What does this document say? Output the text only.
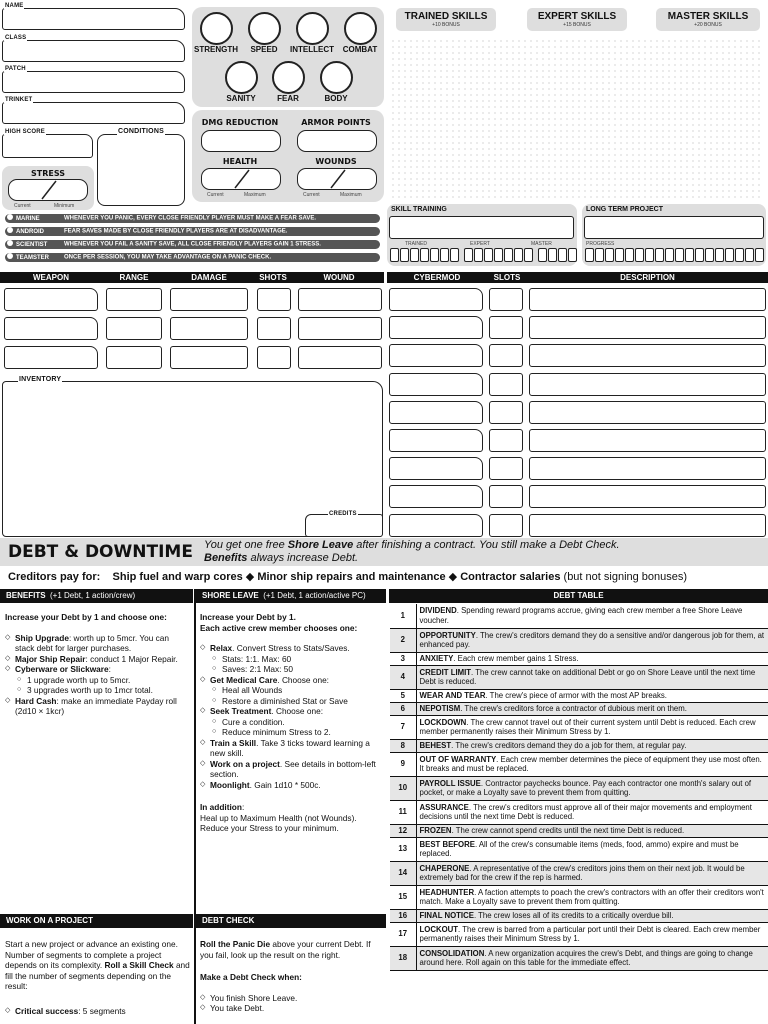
NAME
CLASS
PATCH
TRINKET
HIGH SCORE	CONDITIONS
STRESS
Current	Minimum
STRENGTH	SPEED	INTELLECT	COMBAT
SANITY	FEAR	BODY
DMG REDUCTION	ARMOR POINTS
HEALTH	WOUNDS
Current	Maximum	Current	Maximum
TRAINED SKILLS
+10 BONUS
EXPERT SKILLS
+15 BONUS
MASTER SKILLS
+20 BONUS
MARINE	WHENEVER YOU PANIC, EVERY CLOSE FRIENDLY PLAYER MUST MAKE A FEAR SAVE.
ANDROID	FEAR SAVES MADE BY CLOSE FRIENDLY PLAYERS ARE AT DISADVANTAGE.
SCIENTIST	WHENEVER YOU FAIL A SANITY SAVE, ALL CLOSE FRIENDLY PLAYERS GAIN 1 STRESS.
TEAMSTER	ONCE PER SESSION, YOU MAY TAKE ADVANTAGE ON A PANIC CHECK.
SKILL TRAINING
TRAINED	EXPERT	MASTER
LONG TERM PROJECT
PROGRESS
WEAPON	RANGE	DAMAGE	SHOTS	WOUND	CYBERMOD	SLOTS	DESCRIPTION
INVENTORY
CREDITS
DEBT & DOWNTIME You get one free Shore Leave after finishing a contract. You still make a Debt Check.
Benefits always increase Debt.
Creditors pay for: Ship fuel and warp cores ◆ Minor ship repairs and maintenance ◆ Contractor salaries (but not signing bonuses)
BENEFITS (+1 Debt, 1 action/crew)	SHORE LEAVE (+1 Debt, 1 action/active PC)	DEBT TABLE
Increase your Debt by 1 and choose one:
◇ Ship Upgrade: worth up to 5mcr. You can stack debt for larger purchases.
◇ Major Ship Repair: conduct 1 Major Repair.
◇ Cyberware or Slickware:
○ 1 upgrade worth up to 5mcr.
○ 3 upgrades worth up to 1mcr total.
◇ Hard Cash: make an immediate Payday roll (2d10 × 1kcr)
Increase your Debt by 1.
Each active crew member chooses one:
◇ Relax. Convert Stress to Stats/Saves.
○ Stats: 1:1. Max: 60
○ Saves: 2:1 Max: 50
◇ Get Medical Care. Choose one:
○ Heal all Wounds
○ Restore a diminished Stat or Save
◇ Seek Treatment. Choose one:
○ Cure a condition.
○ Reduce minimum Stress to 2.
◇ Train a Skill. Take 3 ticks toward learning a new skill.
◇ Work on a project. See details in bottom-left section.
◇ Moonlight. Gain 1d10 * 500c.
In addition:
Heal up to Maximum Health (not Wounds). Reduce your Stress to your minimum.
WORK ON A PROJECT	DEBT CHECK
Start a new project or advance an existing one. Number of segments to complete a project depends on its complexity. Roll a Skill Check and fill the number of segments depending on the result:
◇ Critical success: 5 segments
Roll the Panic Die above your current Debt. If you fail, look up the result on the right.
Make a Debt Check when:
◇ You finish Shore Leave.
◇ You take Debt.
1	DIVIDEND. Spending reward programs accrue, giving each crew member a free Shore Leave voucher.
2	OPPORTUNITY. The crew's creditors demand they do a sensitive and/or dangerous job for them, at enhanced pay.
3	ANXIETY. Each crew member gains 1 Stress.
4	CREDIT LIMIT. The crew cannot take on additional Debt or go on Shore Leave until the next time Debt is reduced.
5	WEAR AND TEAR. The crew's piece of armor with the most AP breaks.
6	NEPOTISM. The crew's creditors force a contractor of dubious merit on them.
7	LOCKDOWN. The crew cannot travel out of their current system until Debt is reduced. Each crew member permanently raises their Minimum Stress by 1.
8	BEHEST. The crew's creditors demand they do a job for them, at regular pay.
9	OUT OF WARRANTY. Each crew member determines the piece of equipment they use most often. It breaks and must be replaced.
10	PAYROLL ISSUE. Contractor paychecks bounce. Pay each contractor one month's salary out of pocket, or make a Loyalty save to prevent them from quitting.
11	ASSURANCE. The crew's creditors must approve all of their major movements and employment decisions until the next time Debt is reduced.
12	FROZEN. The crew cannot spend credits until the next time Debt is reduced.
13	BEST BEFORE. All of the crew's consumable items (meds, food, ammo) expire and must be replaced.
14	CHAPERONE. A representative of the crew's creditors joins them on their next job. It would be extremely bad for the crew if the rep is harmed.
15	HEADHUNTER. A faction attempts to poach the crew's contractors with an offer their creditors won't match. Make a Loyalty save to prevent them from quitting.
16	FINAL NOTICE. The crew loses all of its credits to a critically overdue bill.
17	LOCKOUT. The crew is barred from a particular port until their Debt is cleared. Each crew member permanently raises their Minimum Stress by 1.
18	CONSOLIDATION. A new organization acquires the crew's Debt, and things are going to change around here. Roll again on this table for the immediate effect.
